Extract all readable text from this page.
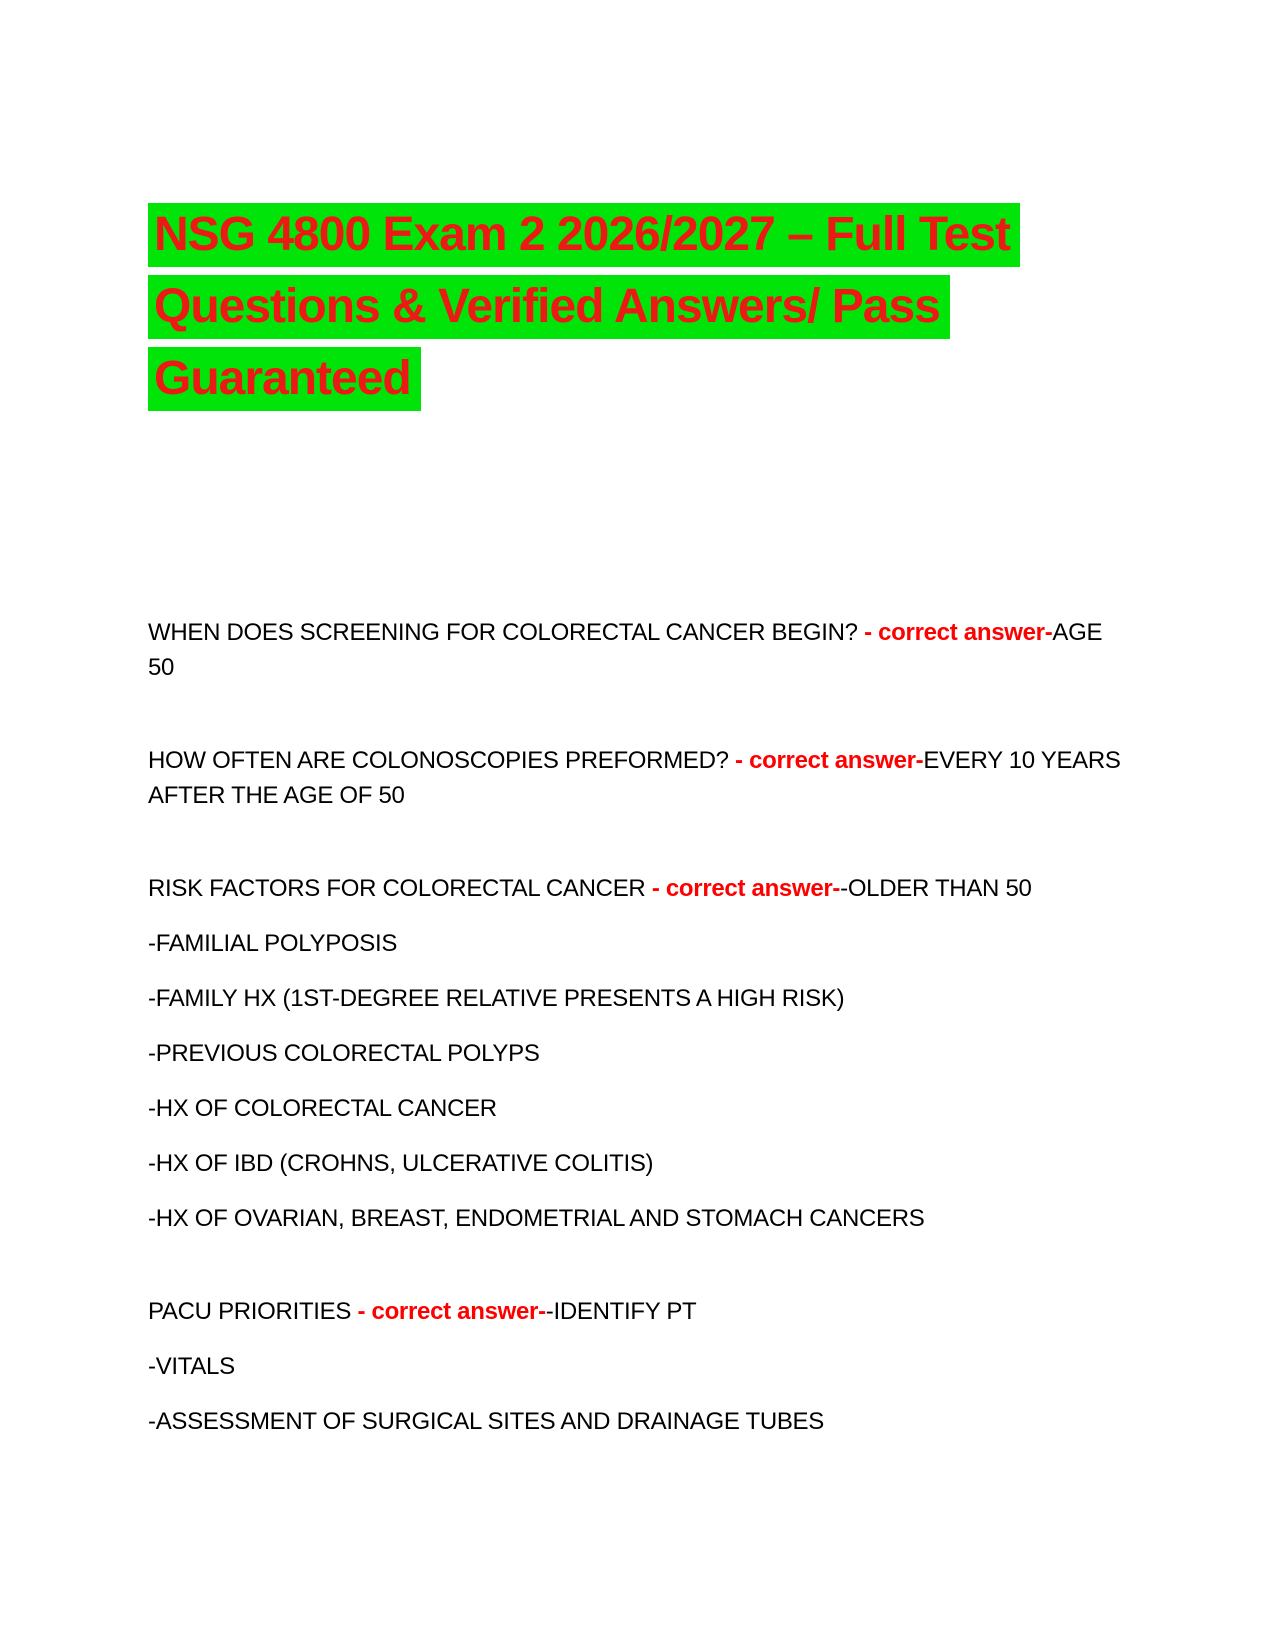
NSG 4800 Exam 2 2026/2027 – Full Test
Questions & Verified Answers/ Pass
Guaranteed

WHEN DOES SCREENING FOR COLORECTAL CANCER BEGIN? - correct answer-AGE 50

HOW OFTEN ARE COLONOSCOPIES PREFORMED? - correct answer-EVERY 10 YEARS AFTER THE AGE OF 50

RISK FACTORS FOR COLORECTAL CANCER - correct answer--OLDER THAN 50

-FAMILIAL POLYPOSIS

-FAMILY HX (1ST-DEGREE RELATIVE PRESENTS A HIGH RISK)

-PREVIOUS COLORECTAL POLYPS

-HX OF COLORECTAL CANCER

-HX OF IBD (CROHNS, ULCERATIVE COLITIS)

-HX OF OVARIAN, BREAST, ENDOMETRIAL AND STOMACH CANCERS

PACU PRIORITIES - correct answer--IDENTIFY PT

-VITALS

-ASSESSMENT OF SURGICAL SITES AND DRAINAGE TUBES
